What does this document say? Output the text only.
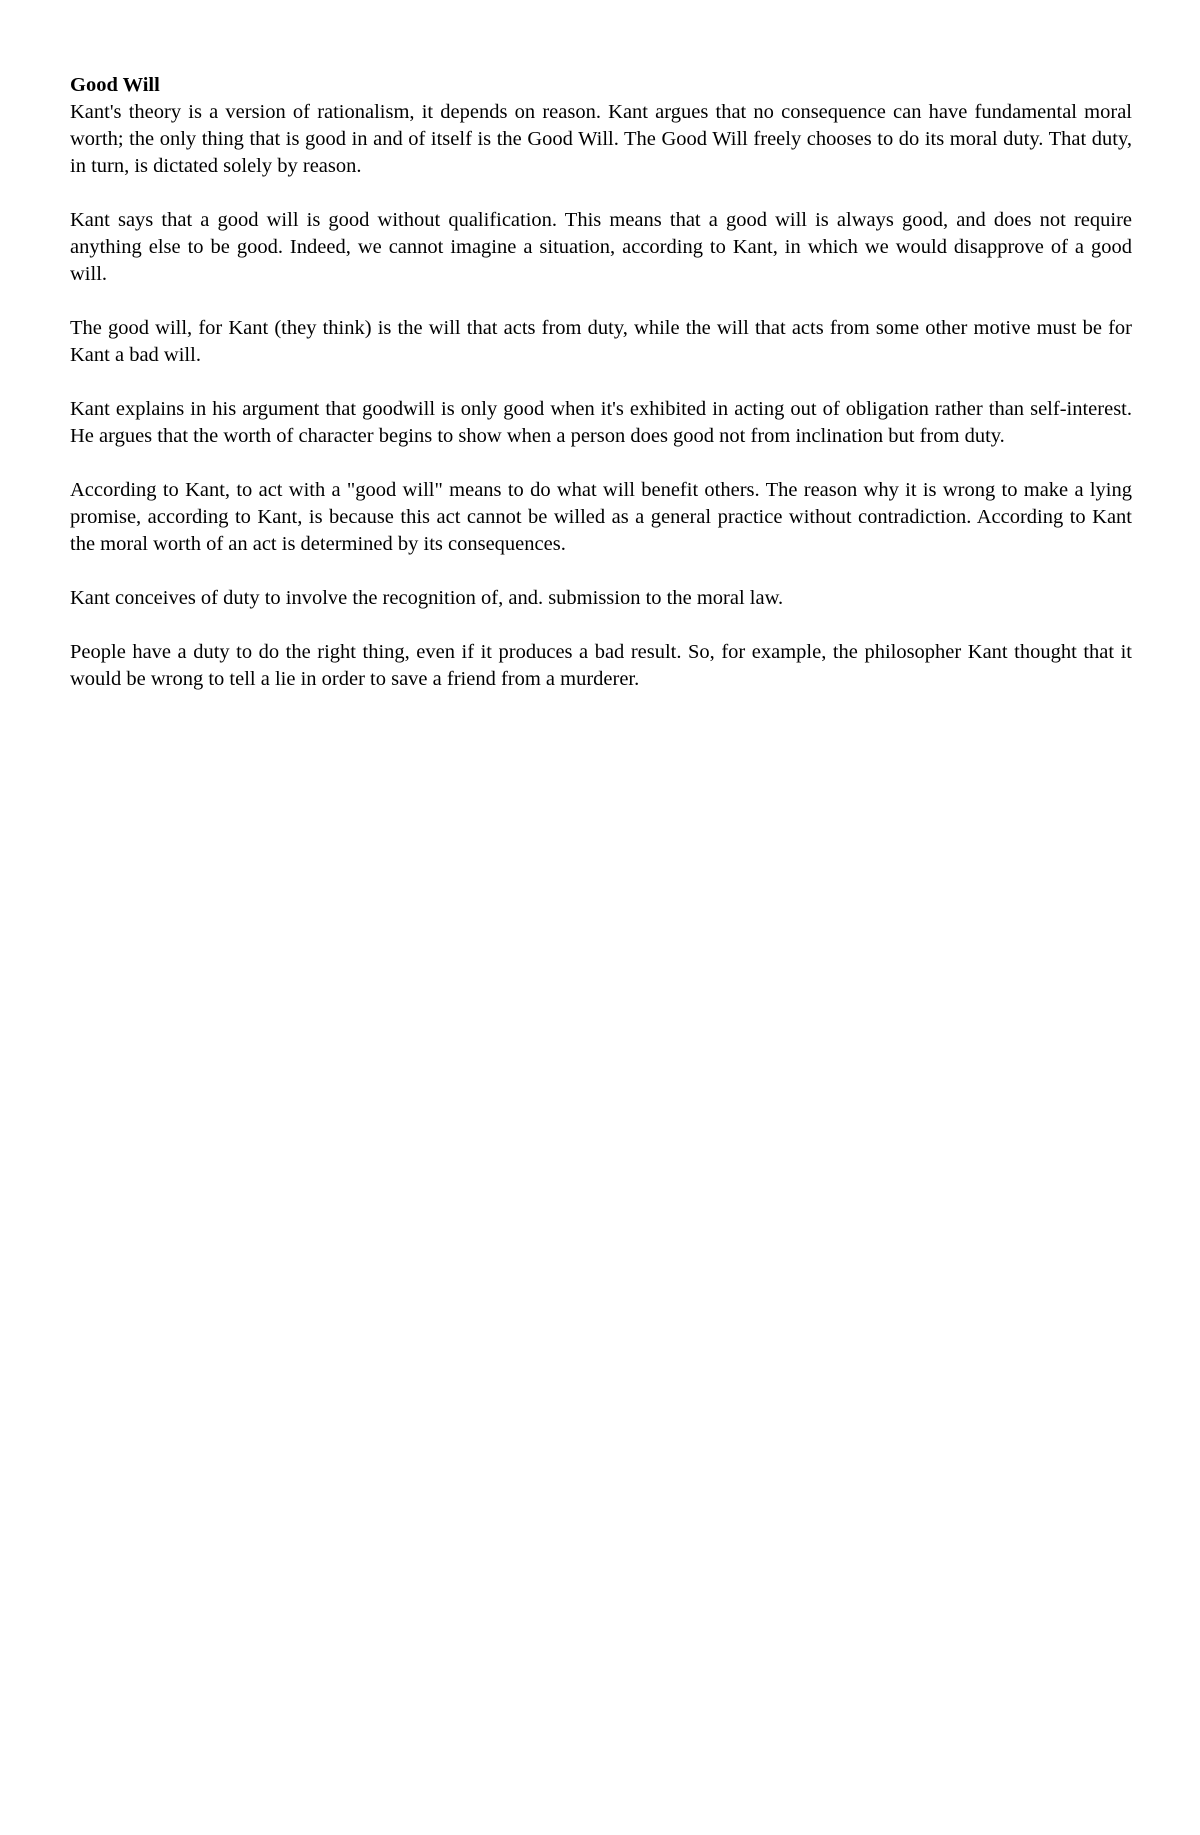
Good Will

Kant's theory is a version of rationalism, it depends on reason. Kant argues that no consequence can have fundamental moral worth; the only thing that is good in and of itself is the Good Will. The Good Will freely chooses to do its moral duty. That duty, in turn, is dictated solely by reason.

Kant says that a good will is good without qualification. This means that a good will is always good, and does not require anything else to be good. Indeed, we cannot imagine a situation, according to Kant, in which we would disapprove of a good will.

The good will, for Kant (they think) is the will that acts from duty, while the will that acts from some other motive must be for Kant a bad will.

Kant explains in his argument that goodwill is only good when it's exhibited in acting out of obligation rather than self-interest. He argues that the worth of character begins to show when a person does good not from inclination but from duty.

According to Kant, to act with a "good will" means to do what will benefit others. The reason why it is wrong to make a lying promise, according to Kant, is because this act cannot be willed as a general practice without contradiction. According to Kant the moral worth of an act is determined by its consequences.

Kant conceives of duty to involve the recognition of, and. submission to the moral law.

People have a duty to do the right thing, even if it produces a bad result. So, for example, the philosopher Kant thought that it would be wrong to tell a lie in order to save a friend from a murderer.
